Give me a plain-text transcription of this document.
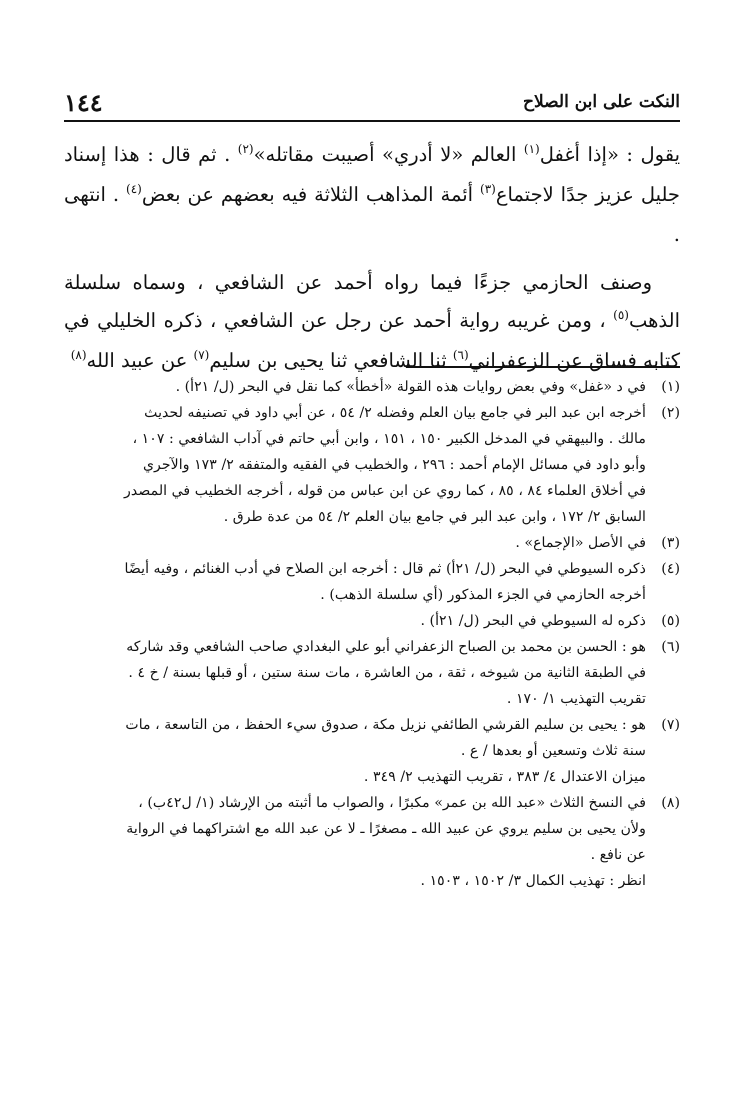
النكت على ابن الصلاح
١٤٤

يقول : «إذا أغفل$^{(١)}$ العالم «لا أدري» أصيبت مقاتله»$^{(٢)}$ . ثم قال : هذا إسناد جليل عزيز جدًا لاجتماع$^{(٣)}$ أئمة المذاهب الثلاثة فيه بعضهم عن بعض$^{(٤)}$ . انتهى .

وصنف الحازمي جزءًا فيما رواه أحمد عن الشافعي ، وسماه سلسلة الذهب$^{(٥)}$ ، ومن غريبه رواية أحمد عن رجل عن الشافعي ، ذكره الخليلي في كتابه فساق عن الزعفراني$^{(٦)}$ ثنا الشافعي ثنا يحيى بن سليم$^{(٧)}$ عن عبيد الله$^{(٨)}$

(١)
في د «غفل» وفي بعض روايات هذه القولة «أخطأ» كما نقل في البحر (ل/ ٢١أ) .
(٢)
أخرجه ابن عبد البر في جامع بيان العلم وفضله ٢/ ٥٤ ، عن أبي داود في تصنيفه لحديث
مالك . والبيهقي في المدخل الكبير ١٥٠ ، ١٥١ ، وابن أبي حاتم في آداب الشافعي : ١٠٧ ،
وأبو داود في مسائل الإمام أحمد : ٢٩٦ ، والخطيب في الفقيه والمتفقه ٢/ ١٧٣ والآجري
في أخلاق العلماء ٨٤ ، ٨٥ ، كما روي عن ابن عباس من قوله ، أخرجه الخطيب في المصدر
السابق ٢/ ١٧٢ ، وابن عبد البر في جامع بيان العلم ٢/ ٥٤ من عدة طرق .
(٣)
في الأصل «الإجماع» .
(٤)
ذكره السيوطي في البحر (ل/ ٢١أ) ثم قال : أخرجه ابن الصلاح في أدب الغنائم ، وفيه أيضًا
أخرجه الحازمي في الجزء المذكور (أي سلسلة الذهب) .
(٥)
ذكره له السيوطي في البحر (ل/ ٢١أ) .
(٦)
هو : الحسن بن محمد بن الصباح الزعفراني أبو علي البغدادي صاحب الشافعي وقد شاركه
في الطبقة الثانية من شيوخه ، ثقة ، من العاشرة ، مات سنة ستين ، أو قبلها بسنة / خ ٤ .
تقريب التهذيب ١/ ١٧٠ .
(٧)
هو : يحيى بن سليم القرشي الطائفي نزيل مكة ، صدوق سيء الحفظ ، من التاسعة ، مات
سنة ثلاث وتسعين أو بعدها / ع .
ميزان الاعتدال ٤/ ٣٨٣ ، تقريب التهذيب ٢/ ٣٤٩ .
(٨)
في النسخ الثلاث «عبد الله بن عمر» مكبرًا ، والصواب ما أثبته من الإرشاد (١/ ل٤٢ب) ،
ولأن يحيى بن سليم يروي عن عبيد الله ـ مصغرًا ـ لا عن عبد الله مع اشتراكهما في الرواية
عن نافع .
انظر : تهذيب الكمال ٣/ ١٥٠٢ ، ١٥٠٣ .
